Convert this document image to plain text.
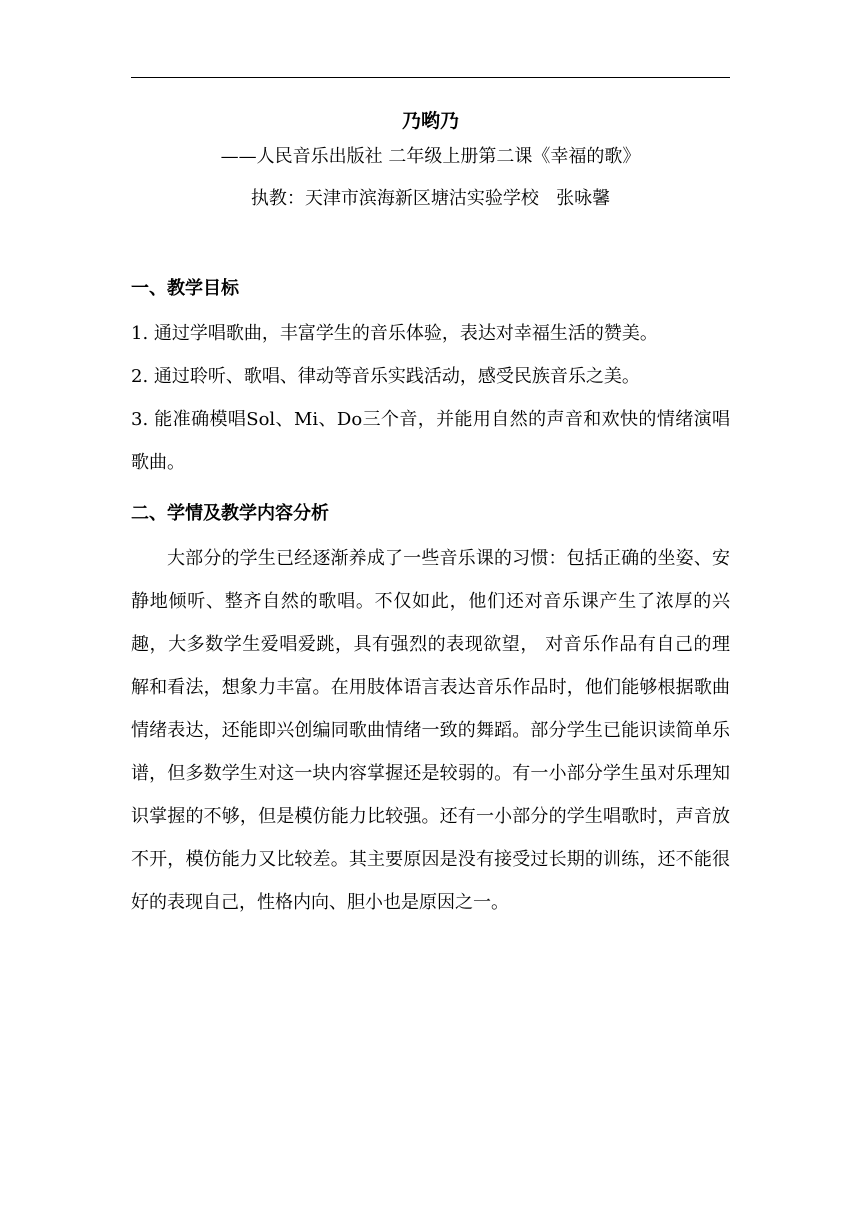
乃哟乃

——人民音乐出版社 二年级上册第二课《幸福的歌》

执教：天津市滨海新区塘沽实验学校   张咏馨

一、教学目标

1. 通过学唱歌曲，丰富学生的音乐体验，表达对幸福生活的赞美。

2. 通过聆听、歌唱、律动等音乐实践活动，感受民族音乐之美。

3. 能准确模唱Sol、Mi、Do三个音，并能用自然的声音和欢快的情绪演唱歌曲。

二、学情及教学内容分析

大部分的学生已经逐渐养成了一些音乐课的习惯：包括正确的坐姿、安静地倾听、整齐自然的歌唱。不仅如此，他们还对音乐课产生了浓厚的兴趣，大多数学生爱唱爱跳，具有强烈的表现欲望， 对音乐作品有自己的理解和看法，想象力丰富。在用肢体语言表达音乐作品时，他们能够根据歌曲情绪表达，还能即兴创编同歌曲情绪一致的舞蹈。部分学生已能识读简单乐谱，但多数学生对这一块内容掌握还是较弱的。有一小部分学生虽对乐理知识掌握的不够，但是模仿能力比较强。还有一小部分的学生唱歌时，声音放不开，模仿能力又比较差。其主要原因是没有接受过长期的训练，还不能很好的表现自己，性格内向、胆小也是原因之一。
